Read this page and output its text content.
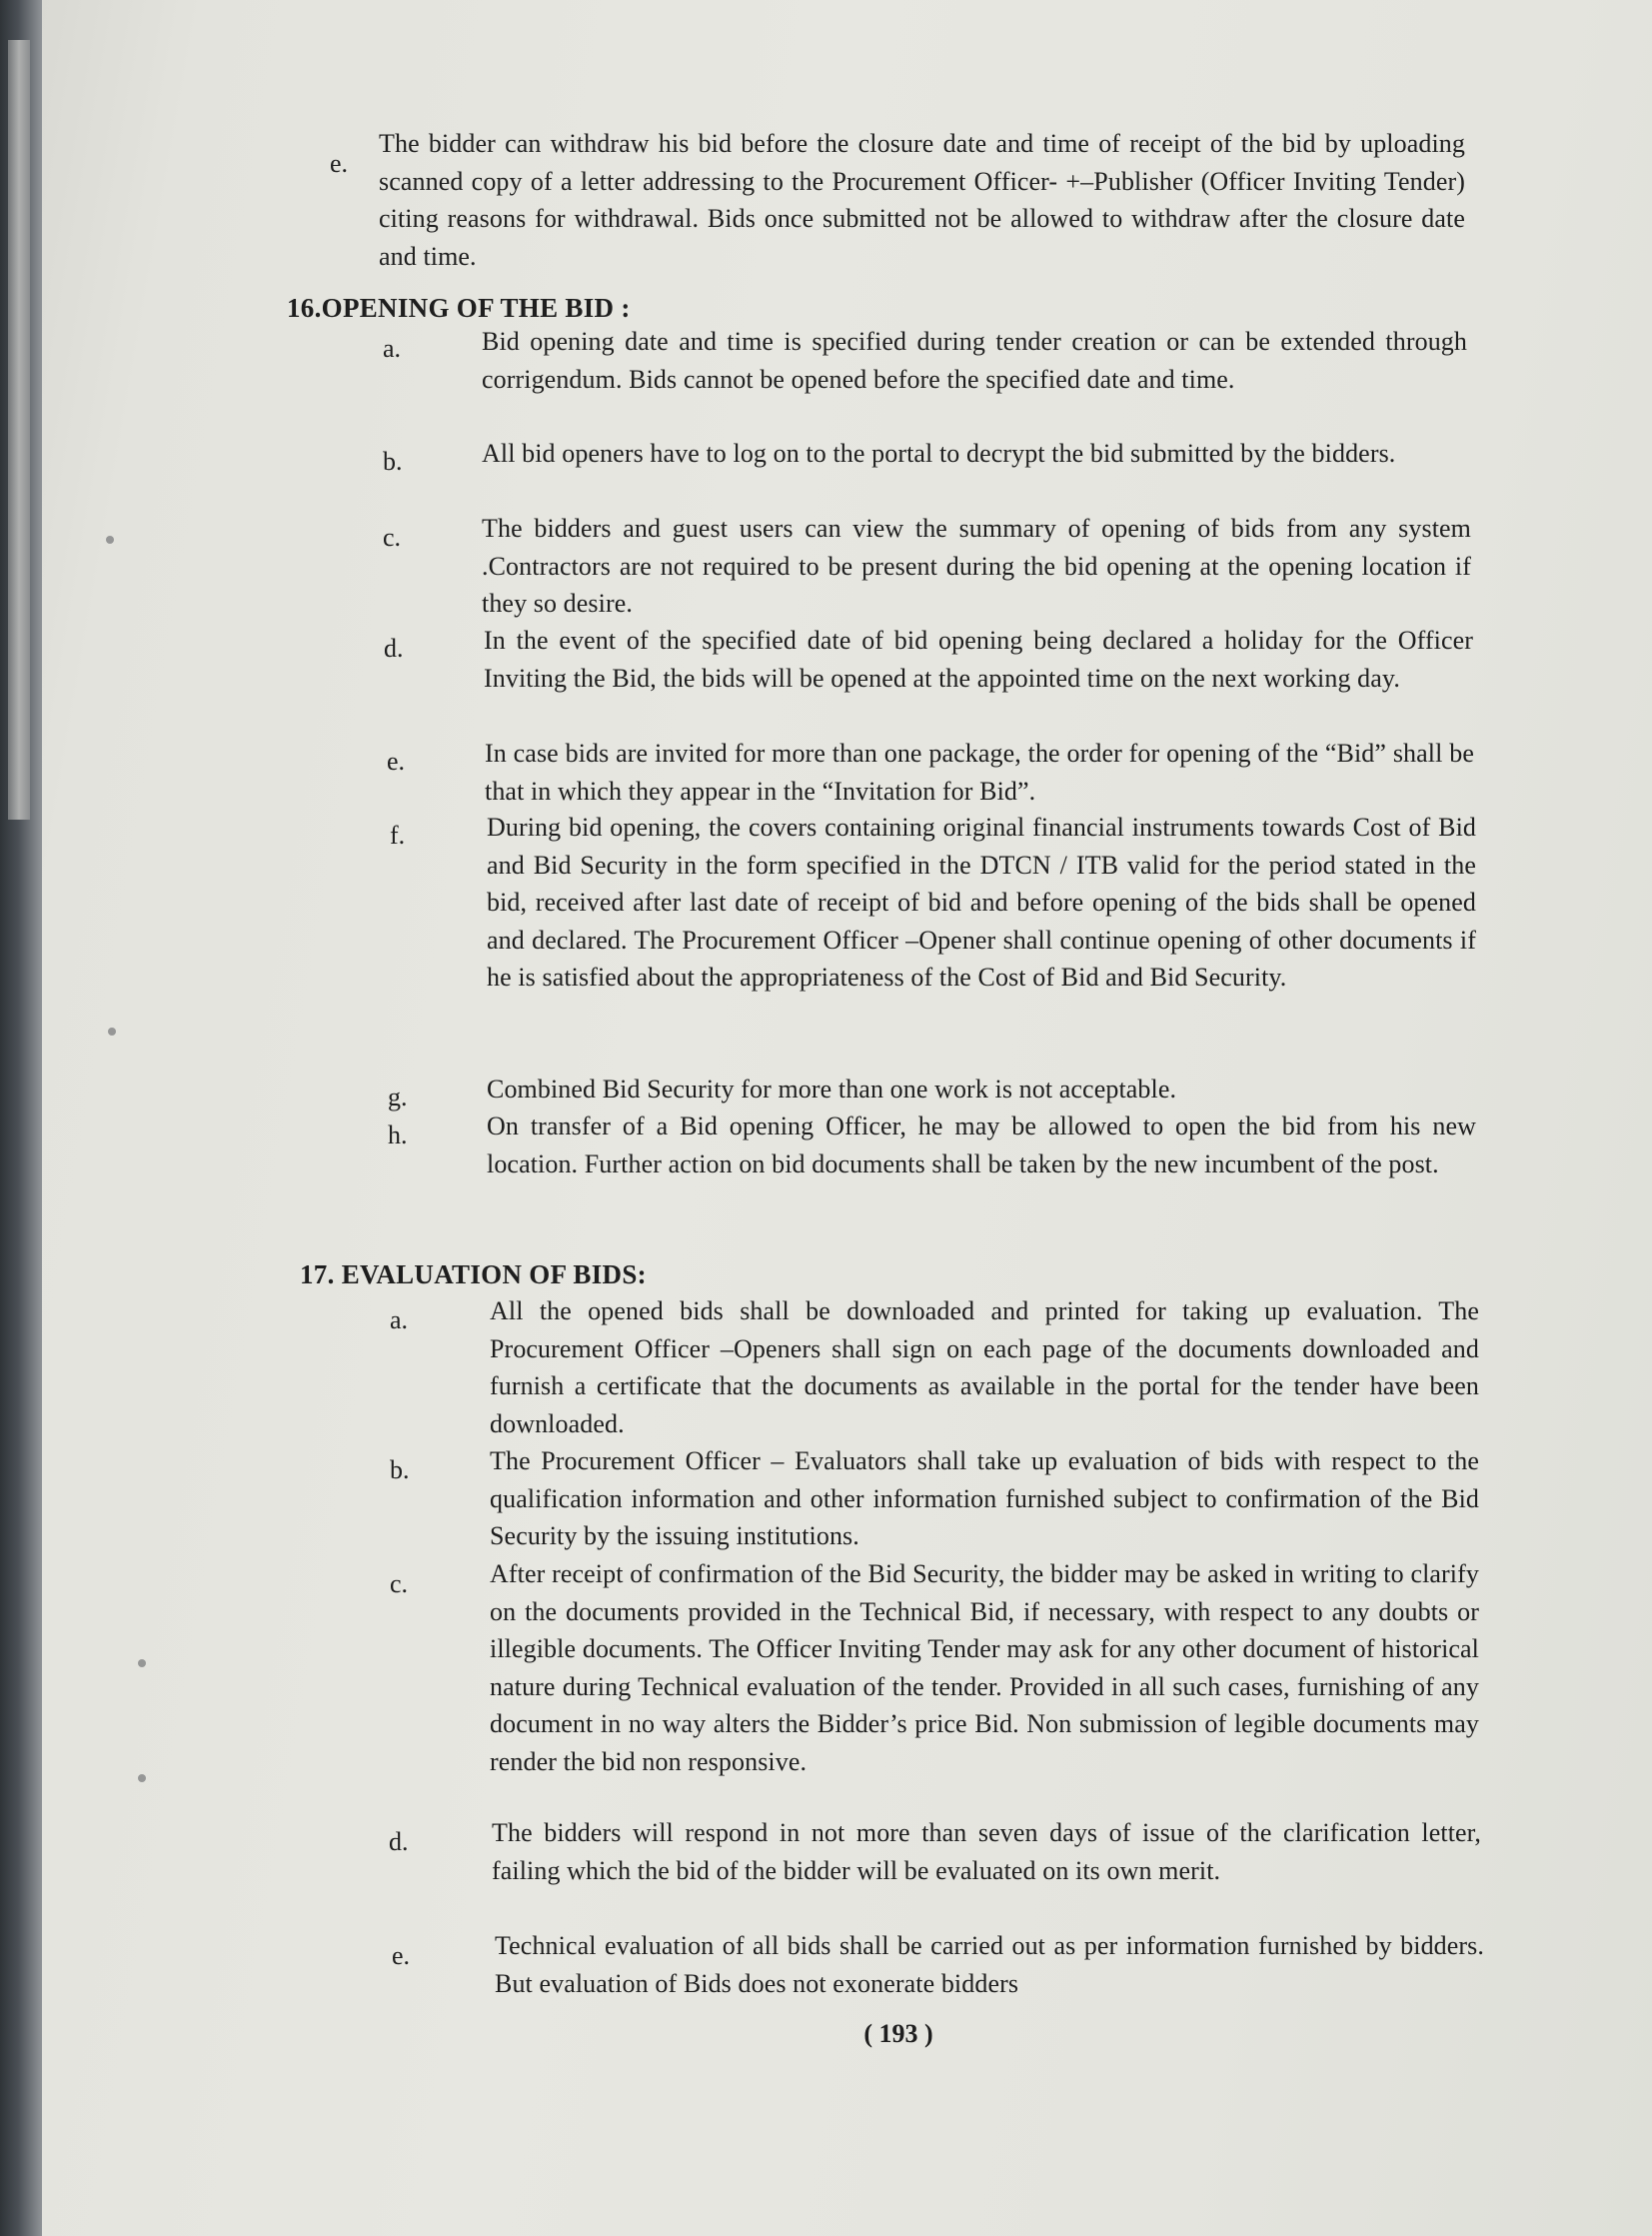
e.
The bidder can withdraw his bid before the closure date and time of receipt of the bid by uploading scanned copy of a letter addressing to the Procurement Officer- +–Publisher (Officer Inviting Tender) citing reasons for withdrawal. Bids once submitted not be allowed to withdraw after the closure date and time.
16.OPENING OF THE BID :
a.	Bid opening date and time is specified during tender creation or can be extended through corrigendum. Bids cannot be opened before the specified date and time.
b.	All bid openers have to log on to the portal to decrypt the bid submitted by the bidders.
c.	The bidders and guest users can view the summary of opening of bids from any system .Contractors are not required to be present during the bid opening at the opening location if they so desire.
d.	In the event of the specified date of bid opening being declared a holiday for the Officer Inviting the Bid, the bids will be opened at the appointed time on the next working day.
e.	In case bids are invited for more than one package, the order for opening of the “Bid” shall be that in which they appear in the “Invitation for Bid”.
f.	During bid opening, the covers containing original financial instruments towards Cost of Bid and Bid Security in the form specified in the DTCN / ITB valid for the period stated in the bid, received after last date of receipt of bid and before opening of the bids shall be opened and declared. The Procurement Officer –Opener shall continue opening of other documents if he is satisfied about the appropriateness of the Cost of Bid and Bid Security.
g.	Combined Bid Security for more than one work is not acceptable.
h.	On transfer of a Bid opening Officer, he may be allowed to open the bid from his new location. Further action on bid documents shall be taken by the new incumbent of the post.
17. EVALUATION OF BIDS:
a.	All the opened bids shall be downloaded and printed for taking up evaluation. The Procurement Officer –Openers shall sign on each page of the documents downloaded and furnish a certificate that the documents as available in the portal for the tender have been downloaded.
b.	The Procurement Officer – Evaluators shall take up evaluation of bids with respect to the qualification information and other information furnished subject to confirmation of the Bid Security by the issuing institutions.
c.	After receipt of confirmation of the Bid Security, the bidder may be asked in writing to clarify on the documents provided in the Technical Bid, if necessary, with respect to any doubts or illegible documents. The Officer Inviting Tender may ask for any other document of historical nature during Technical evaluation of the tender. Provided in all such cases, furnishing of any document in no way alters the Bidder’s price Bid. Non submission of legible documents may render the bid non responsive.
d.	The bidders will respond in not more than seven days of issue of the clarification letter, failing which the bid of the bidder will be evaluated on its own merit.
e.	Technical evaluation of all bids shall be carried out as per information furnished by bidders. But evaluation of Bids does not exonerate bidders
( 193 )
